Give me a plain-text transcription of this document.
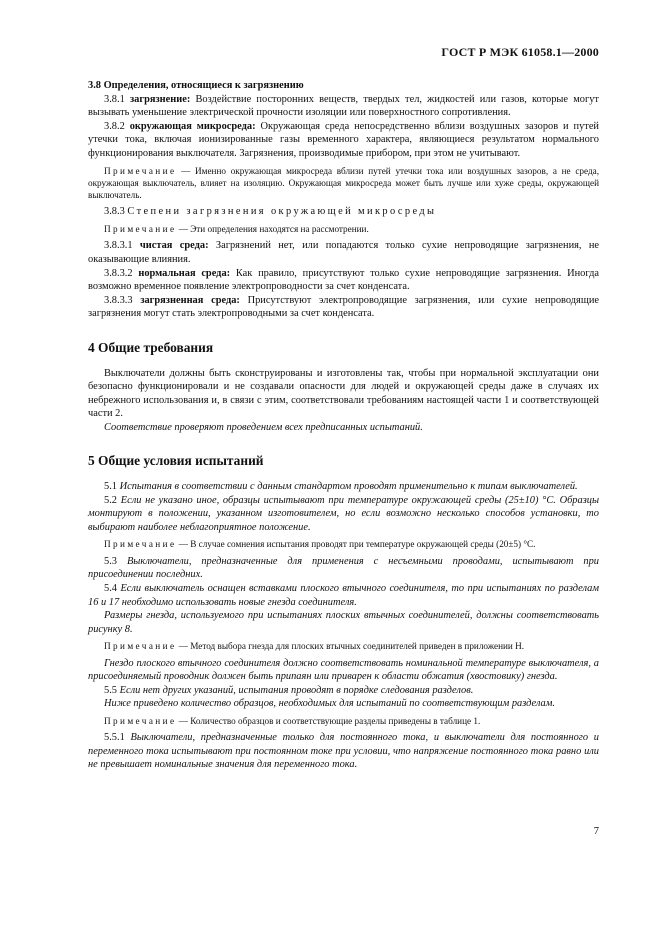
ГОСТ Р МЭК 61058.1—2000

3.8 Определения, относящиеся к загрязнению

3.8.1 загрязнение: Воздействие посторонних веществ, твердых тел, жидкостей или газов, которые могут вызывать уменьшение электрической прочности изоляции или поверхностного сопротивления.

3.8.2 окружающая микросреда: Окружающая среда непосредственно вблизи воздушных зазоров и путей утечки тока, включая ионизированные газы временного характера, являющиеся результатом нормального функционирования выключателя. Загрязнения, производимые прибором, при этом не учитывают.

Примечание — Именно окружающая микросреда вблизи путей утечки тока или воздушных зазоров, а не среда, окружающая выключатель, влияет на изоляцию. Окружающая микросреда может быть лучше или хуже среды, окружающей выключатель.

3.8.3 Степени загрязнения окружающей микросреды

Примечание — Эти определения находятся на рассмотрении.

3.8.3.1 чистая среда: Загрязнений нет, или попадаются только сухие непроводящие загрязнения, не оказывающие влияния.

3.8.3.2 нормальная среда: Как правило, присутствуют только сухие непроводящие загрязнения. Иногда возможно временное появление электропроводности за счет конденсата.

3.8.3.3 загрязненная среда: Присутствуют электропроводящие загрязнения, или сухие непроводящие загрязнения могут стать электропроводными за счет конденсата.

4 Общие требования

Выключатели должны быть сконструированы и изготовлены так, чтобы при нормальной эксплуатации они безопасно функционировали и не создавали опасности для людей и окружающей среды даже в случаях их небрежного использования и, в связи с этим, соответствовали требованиям настоящей части 1 и соответствующей части 2.

Соответствие проверяют проведением всех предписанных испытаний.

5 Общие условия испытаний

5.1 Испытания в соответствии с данным стандартом проводят применительно к типам выключателей.

5.2 Если не указано иное, образцы испытывают при температуре окружающей среды (25±10) °С. Образцы монтируют в положении, указанном изготовителем, но если возможно несколько способов установки, то выбирают наиболее неблагоприятное положение.

Примечание — В случае сомнения испытания проводят при температуре окружающей среды (20±5) °С.

5.3 Выключатели, предназначенные для применения с несъемными проводами, испытывают при присоединении последних.

5.4 Если выключатель оснащен вставками плоского втычного соединителя, то при испытаниях по разделам 16 и 17 необходимо использовать новые гнезда соединителя.

Размеры гнезда, используемого при испытаниях плоских втычных соединителей, должны соответствовать рисунку 8.

Примечание — Метод выбора гнезда для плоских втычных соединителей приведен в приложении Н.

Гнездо плоского втычного соединителя должно соответствовать номинальной температуре выключателя, а присоединяемый проводник должен быть припаян или приварен к области обжатия (хвостовику) гнезда.

5.5 Если нет других указаний, испытания проводят в порядке следования разделов.

Ниже приведено количество образцов, необходимых для испытаний по соответствующим разделам.

Примечание — Количество образцов и соответствующие разделы приведены в таблице 1.

5.5.1 Выключатели, предназначенные только для постоянного тока, и выключатели для постоянного и переменного тока испытывают при постоянном токе при условии, что напряжение постоянного тока равно или не превышает номинальные значения для переменного тока.

7
